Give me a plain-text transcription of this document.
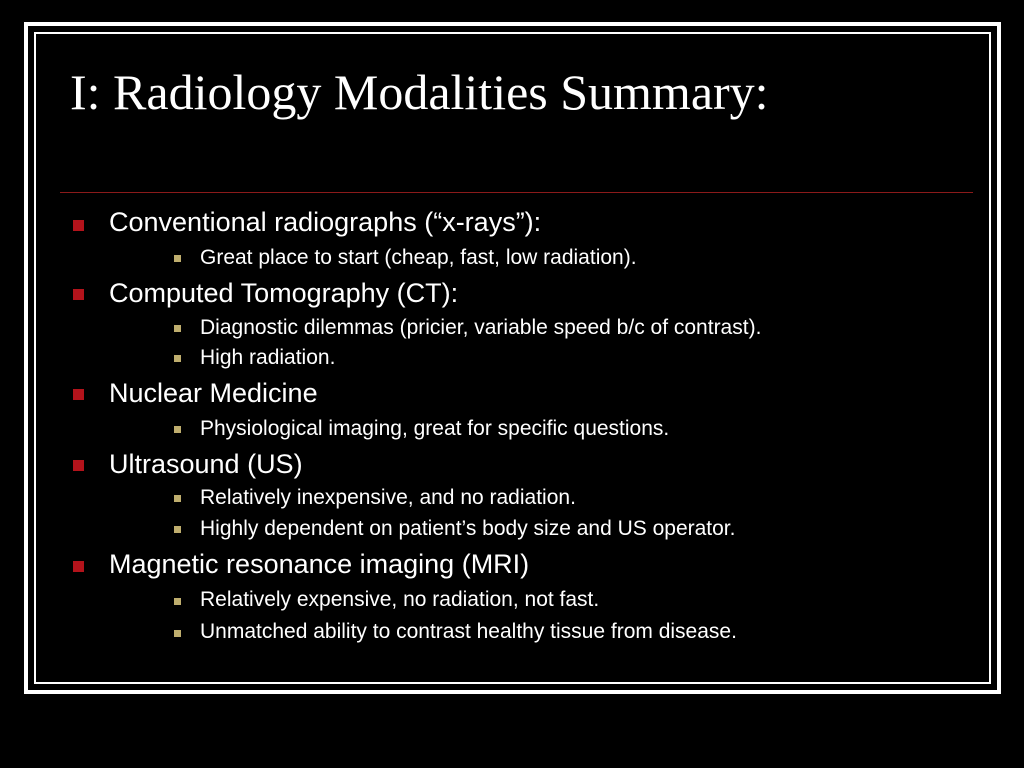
I: Radiology Modalities Summary:
Conventional radiographs (“x-rays”):
Great place to start (cheap, fast, low radiation).
Computed Tomography (CT):
Diagnostic dilemmas (pricier, variable speed b/c of contrast).
High radiation.
Nuclear Medicine
Physiological imaging, great for specific questions.
Ultrasound (US)
Relatively inexpensive, and no radiation.
Highly dependent on patient’s body size and US operator.
Magnetic resonance imaging (MRI)
Relatively expensive, no radiation, not fast.
Unmatched ability to contrast healthy tissue from disease.
